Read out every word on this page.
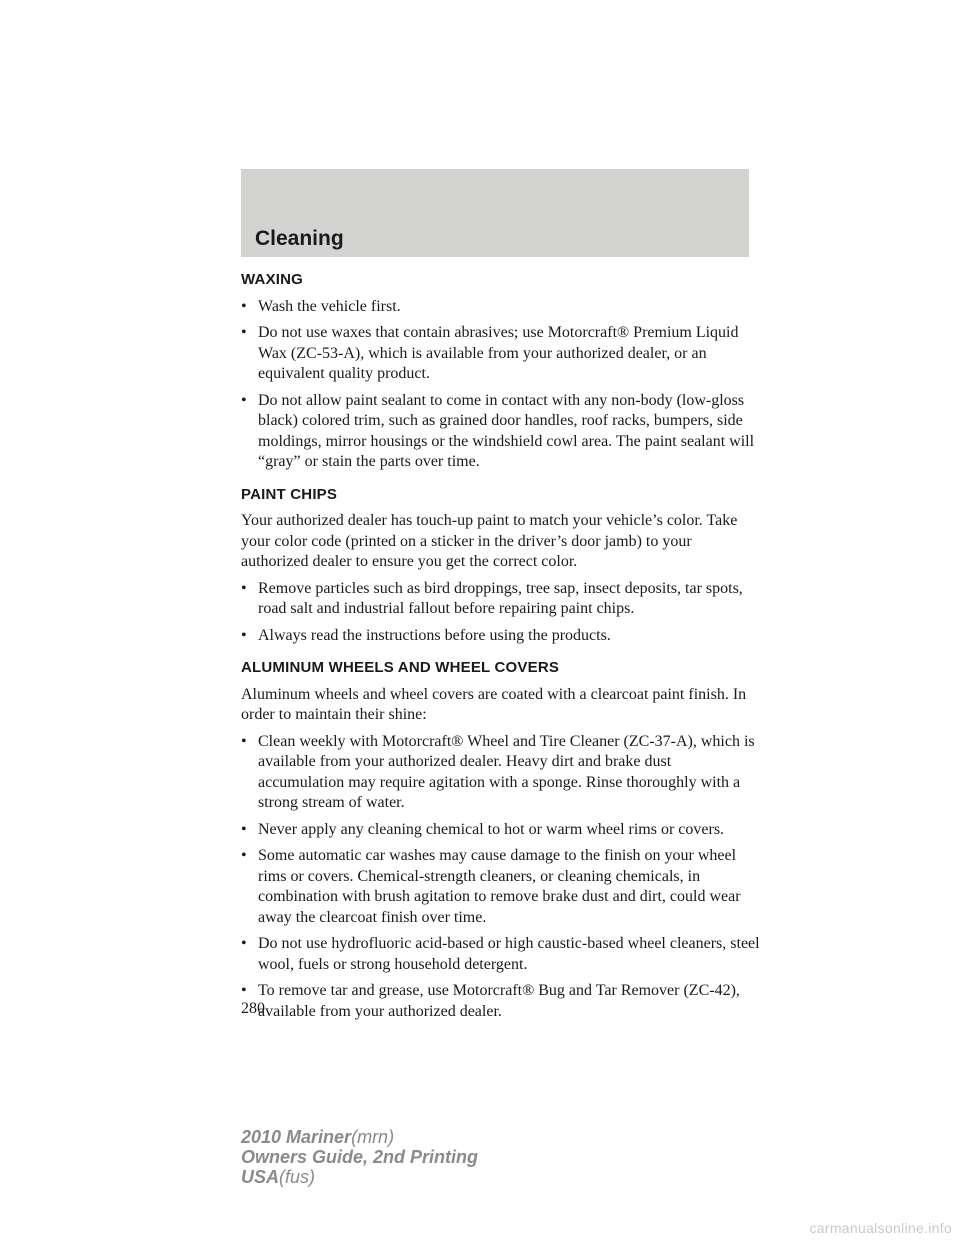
Cleaning
WAXING
• Wash the vehicle first.
• Do not use waxes that contain abrasives; use Motorcraft® Premium Liquid Wax (ZC-53-A), which is available from your authorized dealer, or an equivalent quality product.
• Do not allow paint sealant to come in contact with any non-body (low-gloss black) colored trim, such as grained door handles, roof racks, bumpers, side moldings, mirror housings or the windshield cowl area. The paint sealant will “gray” or stain the parts over time.
PAINT CHIPS

Your authorized dealer has touch-up paint to match your vehicle’s color. Take your color code (printed on a sticker in the driver’s door jamb) to your authorized dealer to ensure you get the correct color.

• Remove particles such as bird droppings, tree sap, insect deposits, tar spots, road salt and industrial fallout before repairing paint chips.
• Always read the instructions before using the products.
ALUMINUM WHEELS AND WHEEL COVERS

Aluminum wheels and wheel covers are coated with a clearcoat paint finish. In order to maintain their shine:

• Clean weekly with Motorcraft® Wheel and Tire Cleaner (ZC-37-A), which is available from your authorized dealer. Heavy dirt and brake dust accumulation may require agitation with a sponge. Rinse thoroughly with a strong stream of water.
• Never apply any cleaning chemical to hot or warm wheel rims or covers.
• Some automatic car washes may cause damage to the finish on your wheel rims or covers. Chemical-strength cleaners, or cleaning chemicals, in combination with brush agitation to remove brake dust and dirt, could wear away the clearcoat finish over time.
• Do not use hydrofluoric acid-based or high caustic-based wheel cleaners, steel wool, fuels or strong household detergent.
• To remove tar and grease, use Motorcraft® Bug and Tar Remover (ZC-42), available from your authorized dealer.
280
2010 Mariner(mrn)
Owners Guide, 2nd Printing
USA(fus)
carmanualsonline.info
